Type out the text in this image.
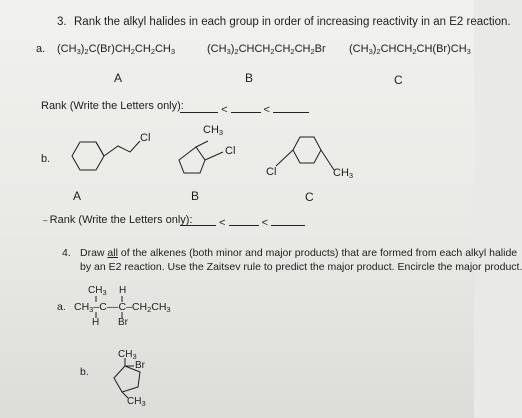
3. Rank the alkyl halides in each group in order of increasing reactivity in an E2 reaction.
a. (CH3)2C(Br)CH2CH2CH3	(CH3)2CHCH2CH2CH2Br (CH3)2CHCH2CH(Br)CH3
A	B	C
Rank (Write the Letters only):	<	<
b.
Cl
CH3
Cl
Cl	CH3
A	B	C
– Rank (Write the Letters only):	<	<
4. Draw all of the alkenes (both minor and major products) that are formed from each alkyl halide
by an E2 reaction. Use the Zaitsev rule to predict the major product. Encircle the major product.
$CH_3$ H
a. CH3–C––C–CH2CH3
H Br
$CH_3$
b.
Br
$CH_3$
